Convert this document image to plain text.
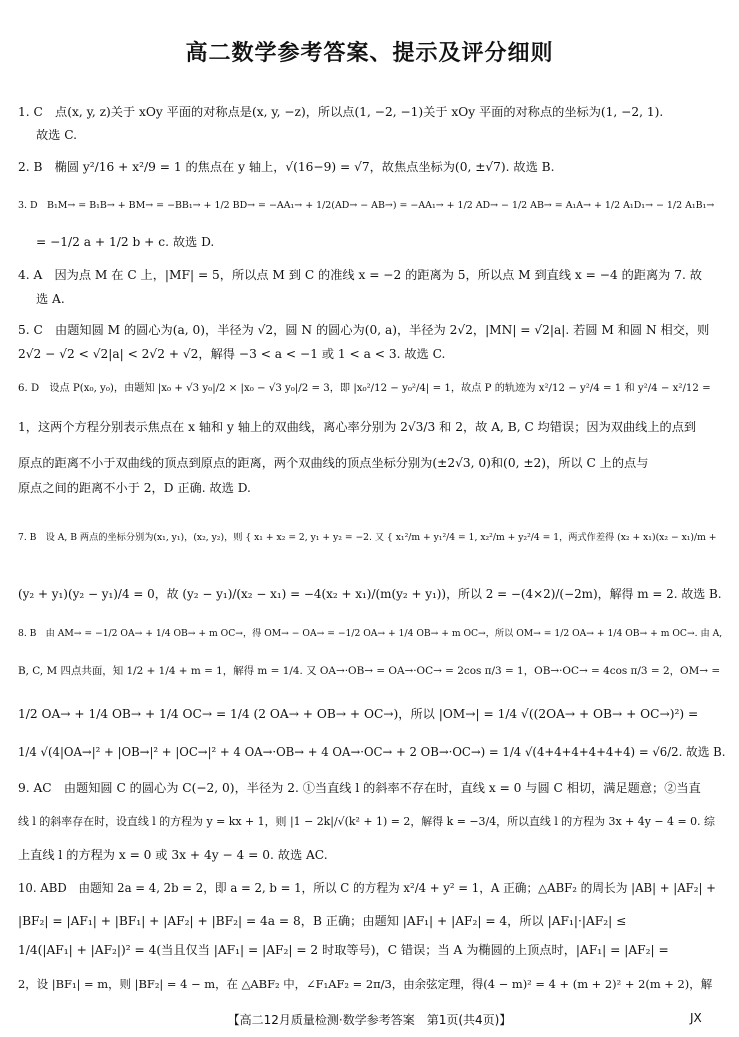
高二数学参考答案、提示及评分细则
1. C　点(x, y, z)关于 xOy 平面的对称点是(x, y, −z)，所以点(1, −2, −1)关于 xOy 平面的对称点的坐标为(1, −2, 1).
故选 C.
2. B　椭圆 y²/16 + x²/9 = 1 的焦点在 y 轴上，√(16−9) = √7，故焦点坐标为(0, ±√7). 故选 B.
3. D　B₁M→ = B₁B→ + BM→ = −BB₁→ + 1/2 BD→ = −AA₁→ + 1/2(AD→ − AB→) = −AA₁→ + 1/2 AD→ − 1/2 AB→ = A₁A→ + 1/2 A₁D₁→ − 1/2 A₁B₁→
= −1/2 a + 1/2 b + c. 故选 D.
4. A　因为点 M 在 C 上，|MF| = 5，所以点 M 到 C 的准线 x = −2 的距离为 5，所以点 M 到直线 x = −4 的距离为 7. 故
选 A.
5. C　由题知圆 M 的圆心为(a, 0)，半径为 √2，圆 N 的圆心为(0, a)，半径为 2√2，|MN| = √2|a|. 若圆 M 和圆 N 相交，则
2√2 − √2 < √2|a| < 2√2 + √2，解得 −3 < a < −1 或 1 < a < 3. 故选 C.
6. D　设点 P(x₀, y₀)，由题知 |x₀ + √3 y₀|/2 × |x₀ − √3 y₀|/2 = 3，即 |x₀²/12 − y₀²/4| = 1，故点 P 的轨迹为 x²/12 − y²/4 = 1 和 y²/4 − x²/12 =
1，这两个方程分别表示焦点在 x 轴和 y 轴上的双曲线，离心率分别为 2√3/3 和 2，故 A, B, C 均错误；因为双曲线上的点到
原点的距离不小于双曲线的顶点到原点的距离，两个双曲线的顶点坐标分别为(±2√3, 0)和(0, ±2)，所以 C 上的点与
原点之间的距离不小于 2，D 正确. 故选 D.
7. B　设 A, B 两点的坐标分别为(x₁, y₁)，(x₂, y₂)，则 { x₁ + x₂ = 2, y₁ + y₂ = −2. 又 { x₁²/m + y₁²/4 = 1, x₂²/m + y₂²/4 = 1，两式作差得 (x₂ + x₁)(x₂ − x₁)/m +
(y₂ + y₁)(y₂ − y₁)/4 = 0，故 (y₂ − y₁)/(x₂ − x₁) = −4(x₂ + x₁)/(m(y₂ + y₁))，所以 2 = −(4×2)/(−2m)，解得 m = 2. 故选 B.
8. B　由 AM→ = −1/2 OA→ + 1/4 OB→ + m OC→，得 OM→ − OA→ = −1/2 OA→ + 1/4 OB→ + m OC→，所以 OM→ = 1/2 OA→ + 1/4 OB→ + m OC→. 由 A,
B, C, M 四点共面，知 1/2 + 1/4 + m = 1，解得 m = 1/4. 又 OA→·OB→ = OA→·OC→ = 2cos π/3 = 1，OB→·OC→ = 4cos π/3 = 2，OM→ =
1/2 OA→ + 1/4 OB→ + 1/4 OC→ = 1/4 (2 OA→ + OB→ + OC→)，所以 |OM→| = 1/4 √((2OA→ + OB→ + OC→)²) =
1/4 √(4|OA→|² + |OB→|² + |OC→|² + 4 OA→·OB→ + 4 OA→·OC→ + 2 OB→·OC→) = 1/4 √(4+4+4+4+4+4) = √6/2. 故选 B.
9. AC　由题知圆 C 的圆心为 C(−2, 0)，半径为 2. ①当直线 l 的斜率不存在时，直线 x = 0 与圆 C 相切，满足题意；②当直
线 l 的斜率存在时，设直线 l 的方程为 y = kx + 1，则 |1 − 2k|/√(k² + 1) = 2，解得 k = −3/4，所以直线 l 的方程为 3x + 4y − 4 = 0. 综
上直线 l 的方程为 x = 0 或 3x + 4y − 4 = 0. 故选 AC.
10. ABD　由题知 2a = 4, 2b = 2，即 a = 2, b = 1，所以 C 的方程为 x²/4 + y² = 1，A 正确；△ABF₂ 的周长为 |AB| + |AF₂| +
|BF₂| = |AF₁| + |BF₁| + |AF₂| + |BF₂| = 4a = 8，B 正确；由题知 |AF₁| + |AF₂| = 4，所以 |AF₁|·|AF₂| ≤
1/4(|AF₁| + |AF₂|)² = 4(当且仅当 |AF₁| = |AF₂| = 2 时取等号)，C 错误；当 A 为椭圆的上顶点时，|AF₁| = |AF₂| =
2，设 |BF₁| = m，则 |BF₂| = 4 − m，在 △ABF₂ 中，∠F₁AF₂ = 2π/3，由余弦定理，得(4 − m)² = 4 + (m + 2)² + 2(m + 2)，解
【高二12月质量检测·数学参考答案　第1页(共4页)】	JX
